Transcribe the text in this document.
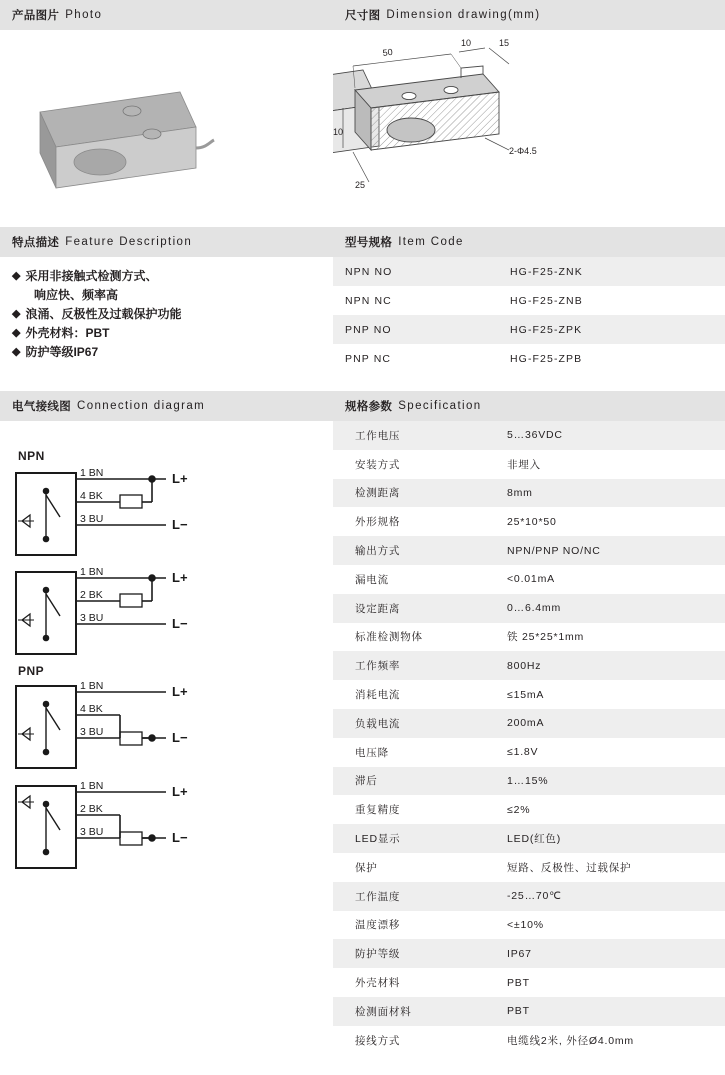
产品图片 Photo	尺寸图 Dimension drawing(mm)
50
10	15
10
25
2-Φ4.5
特点描述 Feature Description
◆ 采用非接触式检测方式、
响应快、频率高
◆ 浪涌、反极性及过载保护功能
◆ 外壳材料：PBT
◆ 防护等级IP67
型号规格 Item Code
NPN NO	HG-F25-ZNK
NPN NC	HG-F25-ZNB
PNP NO	HG-F25-ZPK
PNP NC	HG-F25-ZPB
电气接线图 Connection diagram
NPN
PNP
1 BN
4 BK
3 BU
L+
L−
1 BN
2 BK
3 BU
L+
L−
1 BN
4 BK
3 BU
L+
L−
1 BN
2 BK
3 BU
L+
L−
规格参数 Specification
工作电压	5…36VDC
安装方式	非埋入
检测距离	8mm
外形规格	25*10*50
输出方式	NPN/PNP NO/NC
漏电流	<0.01mA
设定距离	0…6.4mm
标准检测物体	铁 25*25*1mm
工作频率	800Hz
消耗电流	≤15mA
负载电流	200mA
电压降	≤1.8V
滞后	1…15%
重复精度	≤2%
LED显示	LED(红色)
保护	短路、反极性、过载保护
工作温度	-25…70℃
温度漂移	<±10%
防护等级	IP67
外壳材料	PBT
检测面材料	PBT
接线方式	电缆线2米, 外径Ø4.0mm
